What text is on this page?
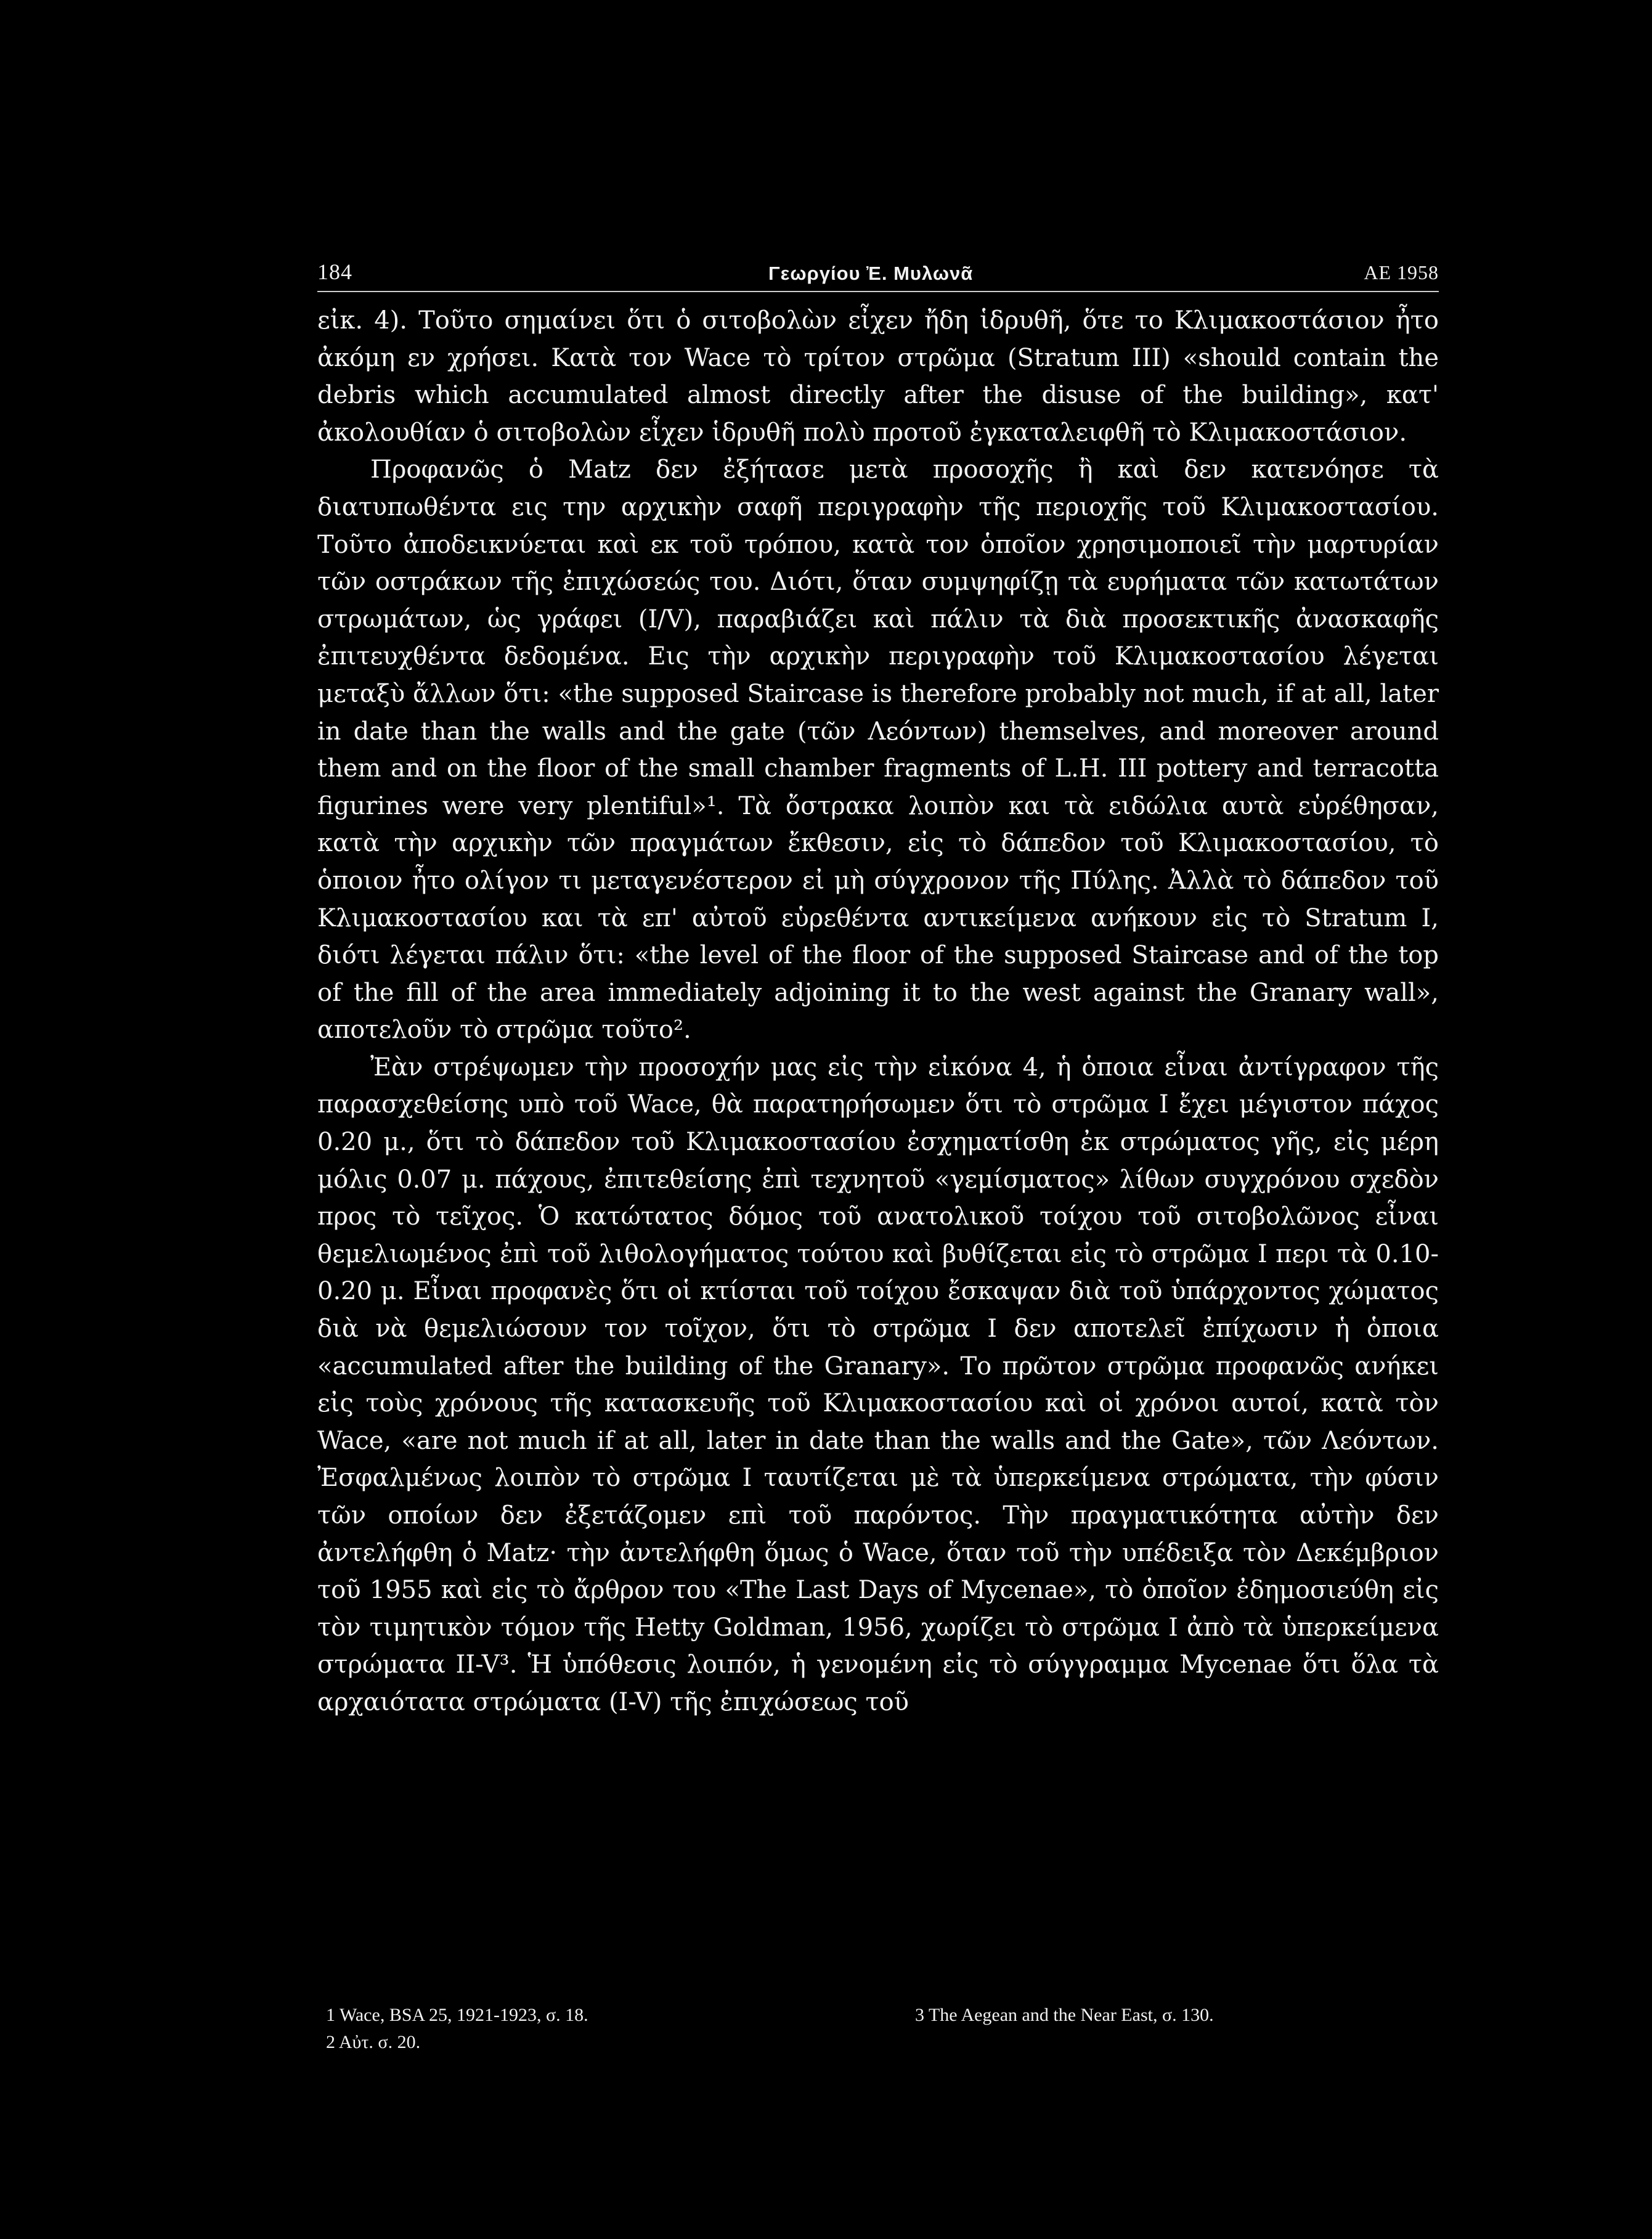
184	Γεωργίου Ἐ. Μυλωνᾶ	ΑΕ 1958

εἰκ. 4). Τοῦτο σημαίνει ὅτι ὁ σιτοβολὼν εἶχεν ἤδη ἱδρυθῆ, ὅτε το Κλιμακοστάσιον ἦτο ἀκόμη εν χρήσει. Κατὰ τον Wace τὸ τρίτον στρῶμα (Stratum III) «should contain the debris which accumulated almost directly after the disuse of the building», κατ' ἀκολουθίαν ὁ σιτοβολὼν εἶχεν ἱδρυθῆ πολὺ προτοῦ ἐγκαταλειφθῆ τὸ Κλιμακοστάσιον.

Προφανῶς ὁ Matz δεν ἐξήτασε μετὰ προσοχῆς ἢ καὶ δεν κατενόησε τὰ διατυπωθέντα εις την αρχικὴν σαφῆ περιγραφὴν τῆς περιοχῆς τοῦ Κλιμακοστασίου. Τοῦτο ἀποδεικνύεται καὶ εκ τοῦ τρόπου, κατὰ τον ὁποῖον χρησιμοποιεῖ τὴν μαρτυρίαν τῶν οστράκων τῆς ἐπιχώσεώς του. Διότι, ὅταν συμψηφίζῃ τὰ ευρήματα τῶν κατωτάτων στρωμάτων, ὡς γράφει (I/V), παραβιάζει καὶ πάλιν τὰ διὰ προσεκτικῆς ἀνασκαφῆς ἐπιτευχθέντα δεδομένα. Εις τὴν αρχικὴν περιγραφὴν τοῦ Κλιμακοστασίου λέγεται μεταξὺ ἄλλων ὅτι: «the supposed Staircase is therefore probably not much, if at all, later in date than the walls and the gate (τῶν Λεόντων) themselves, and moreover around them and on the floor of the small chamber fragments of L.H. III pottery and terracotta figurines were very plentiful»¹. Τὰ ὄστρακα λοιπὸν και τὰ ειδώλια αυτὰ εὑρέθησαν, κατὰ τὴν αρχικὴν τῶν πραγμάτων ἔκθεσιν, εἰς τὸ δάπεδον τοῦ Κλιμακοστασίου, τὸ ὁποιον ἦτο ολίγον τι μεταγενέστερον εἰ μὴ σύγχρονον τῆς Πύλης. Ἀλλὰ τὸ δάπεδον τοῦ Κλιμακοστασίου και τὰ επ' αὐτοῦ εὑρεθέντα αντικείμενα ανήκουν εἰς τὸ Stratum I, διότι λέγεται πάλιν ὅτι: «the level of the floor of the supposed Staircase and of the top of the fill of the area immediately adjoining it to the west against the Granary wall», αποτελοῦν τὸ στρῶμα τοῦτο².

Ἐὰν στρέψωμεν τὴν προσοχήν μας εἰς τὴν εἰκόνα 4, ἡ ὁποια εἶναι ἀντίγραφον τῆς παρασχεθείσης υπὸ τοῦ Wace, θὰ παρατηρήσωμεν ὅτι τὸ στρῶμα I ἔχει μέγιστον πάχος 0.20 μ., ὅτι τὸ δάπεδον τοῦ Κλιμακοστασίου ἐσχηματίσθη ἐκ στρώματος γῆς, εἰς μέρη μόλις 0.07 μ. πάχους, ἐπιτεθείσης ἐπὶ τεχνητοῦ «γεμίσματος» λίθων συγχρόνου σχεδὸν προς τὸ τεῖχος. Ὁ κατώτατος δόμος τοῦ ανατολικοῦ τοίχου τοῦ σιτοβολῶνος εἶναι θεμελιωμένος ἐπὶ τοῦ λιθολογήματος τούτου καὶ βυθίζεται εἰς τὸ στρῶμα I περι τὰ 0.10-0.20 μ. Εἶναι προφανὲς ὅτι οἱ κτίσται τοῦ τοίχου ἔσκαψαν διὰ τοῦ ὑπάρχοντος χώματος διὰ νὰ θεμελιώσουν τον τοῖχον, ὅτι τὸ στρῶμα I δεν αποτελεῖ ἐπίχωσιν ἡ ὁποια «accumulated after the building of the Granary». Το πρῶτον στρῶμα προφανῶς ανήκει εἰς τοὺς χρόνους τῆς κατασκευῆς τοῦ Κλιμακοστασίου καὶ οἱ χρόνοι αυτοί, κατὰ τὸν Wace, «are not much if at all, later in date than the walls and the Gate», τῶν Λεόντων. Ἐσφαλμένως λοιπὸν τὸ στρῶμα I ταυτίζεται μὲ τὰ ὑπερκείμενα στρώματα, τὴν φύσιν τῶν οποίων δεν ἐξετάζομεν επὶ τοῦ παρόντος. Τὴν πραγματικότητα αὐτὴν δεν ἀντελήφθη ὁ Matz· τὴν ἀντελήφθη ὅμως ὁ Wace, ὅταν τοῦ τὴν υπέδειξα τὸν Δεκέμβριον τοῦ 1955 καὶ εἰς τὸ ἄρθρον του «The Last Days of Mycenae», τὸ ὁποῖον ἐδημοσιεύθη εἰς τὸν τιμητικὸν τόμον τῆς Hetty Goldman, 1956, χωρίζει τὸ στρῶμα I ἀπὸ τὰ ὑπερκείμενα στρώματα II-V³. Ἡ ὑπόθεσις λοιπόν, ἡ γενομένη εἰς τὸ σύγγραμμα Mycenae ὅτι ὅλα τὰ αρχαιότατα στρώματα (I-V) τῆς ἐπιχώσεως τοῦ

1 Wace, BSA 25, 1921-1923, σ. 18.
2 Αὐτ. σ. 20.
3 The Aegean and the Near East, σ. 130.
